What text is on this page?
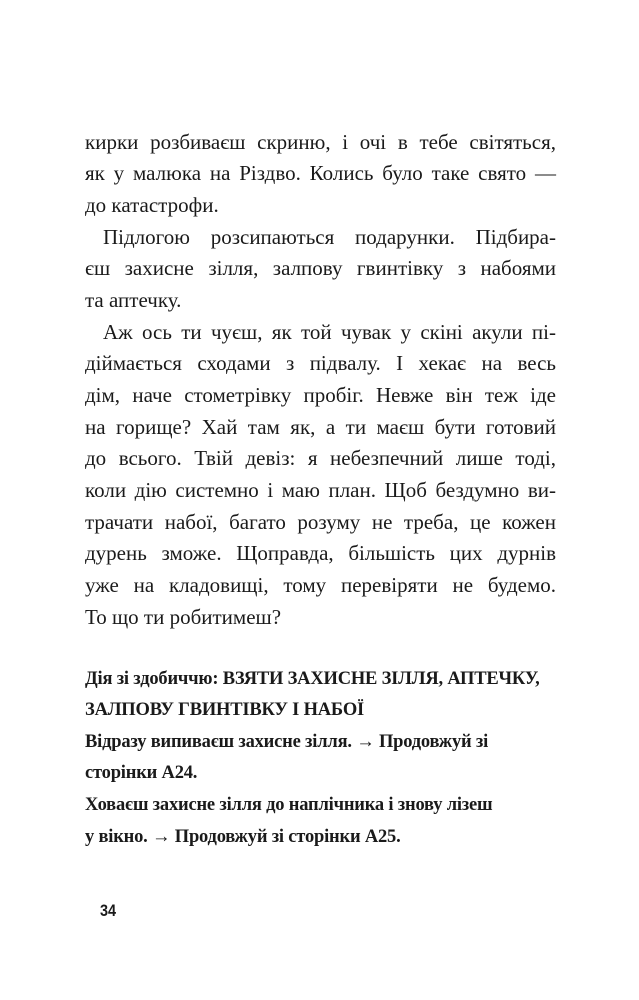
кирки розбиваєш скриню, і очі в тебе світяться,
як у малюка на Різдво. Колись було таке свято —
до катастрофи.
Підлогою розсипаються подарунки. Підбира-
єш захисне зілля, залпову гвинтівку з набоями
та аптечку.
Аж ось ти чуєш, як той чувак у скіні акули пі-
діймається сходами з підвалу. І хекає на весь
дім, наче стометрівку пробіг. Невже він теж іде
на горище? Хай там як, а ти маєш бути готовий
до всього. Твій девіз: я небезпечний лише тоді,
коли дію системно і маю план. Щоб бездумно ви-
трачати набої, багато розуму не треба, це кожен
дурень зможе. Щоправда, більшість цих дурнів
уже на кладовищі, тому перевіряти не будемо.
То що ти робитимеш?
Дія зі здобиччю: ВЗЯТИ ЗАХИСНЕ ЗІЛЛЯ, АПТЕЧКУ,
ЗАЛПОВУ ГВИНТІВКУ І НАБОЇ
Відразу випиваєш захисне зілля. → Продовжуй зі
сторінки А24.
Ховаєш захисне зілля до наплічника і знову лізеш
у вікно. → Продовжуй зі сторінки А25.
34
